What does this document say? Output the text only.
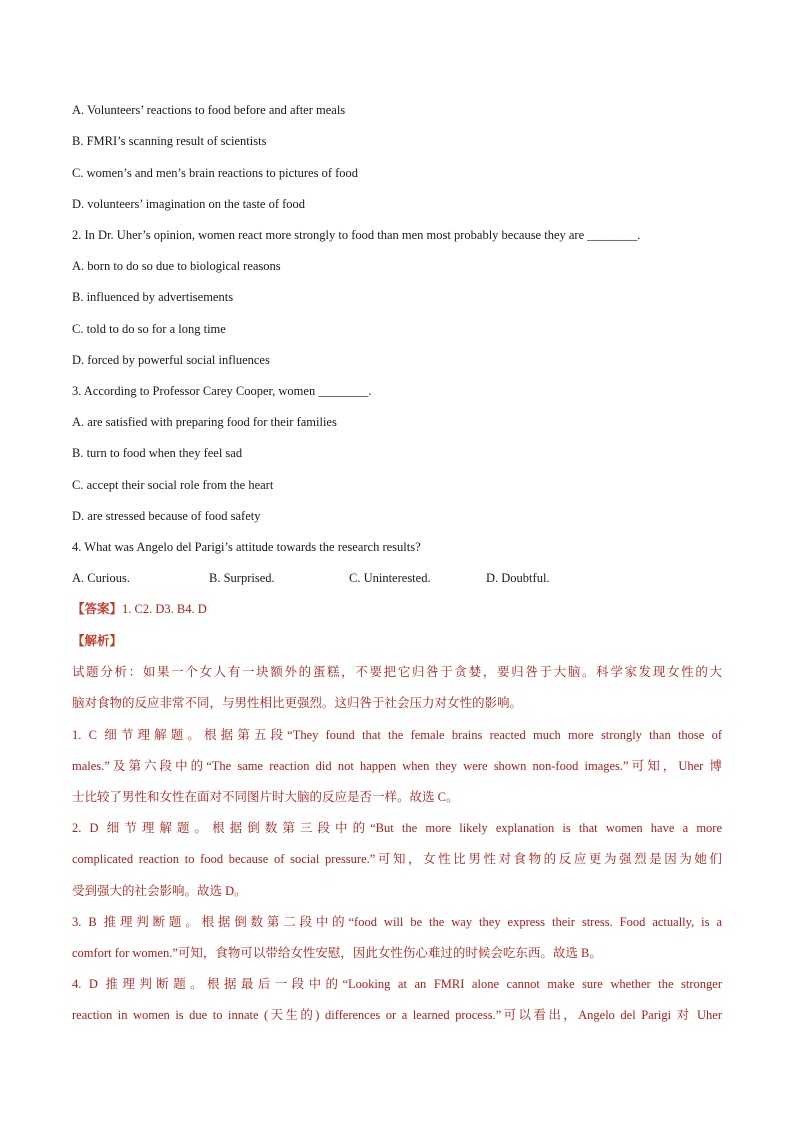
A. Volunteers’ reactions to food before and after meals
B. FMRI’s scanning result of scientists
C. women’s and men’s brain reactions to pictures of food
D. volunteers’ imagination on the taste of food
2. In Dr. Uher’s opinion, women react more strongly to food than men most probably because they are ________.
A. born to do so due to biological reasons
B. influenced by advertisements
C. told to do so for a long time
D. forced by powerful social influences
3. According to Professor Carey Cooper, women ________.
A. are satisfied with preparing food for their families
B. turn to food when they feel sad
C. accept their social role from the heart
D. are stressed because of food safety
4. What was Angelo del Parigi’s attitude towards the research results?
A. Curious.	B. Surprised.	C. Uninterested.	D. Doubtful.
【答案】1. C2. D3. B4. D
【解析】
试题分析：如果一个女人有一块额外的蛋糕，不要把它归咎于贪婪，要归咎于大脑。科学家发现女性的大
脑对食物的反应非常不同，与男性相比更强烈。这归咎于社会压力对女性的影响。
1. C 细节理解题。根据第五段“They found that the female brains reacted much more strongly than those of
males.”及第六段中的“The same reaction did not happen when they were shown non-food images.”可知，Uher 博
士比较了男性和女性在面对不同图片时大脑的反应是否一样。故选 C。
2. D 细节理解题。根据倒数第三段中的“But the more likely explanation is that women have a more
complicated reaction to food because of social pressure.”可知，女性比男性对食物的反应更为强烈是因为她们
受到强大的社会影响。故选 D。
3. B 推理判断题。根据倒数第二段中的“food will be the way they express their stress. Food actually, is a
comfort for women.”可知，食物可以带给女性安慰，因此女性伤心难过的时候会吃东西。故选 B。
4. D 推理判断题。根据最后一段中的“Looking at an FMRI alone cannot make sure whether the stronger
reaction in women is due to innate (天生的) differences or a learned process.”可以看出，Angelo del Parigi 对 Uher
